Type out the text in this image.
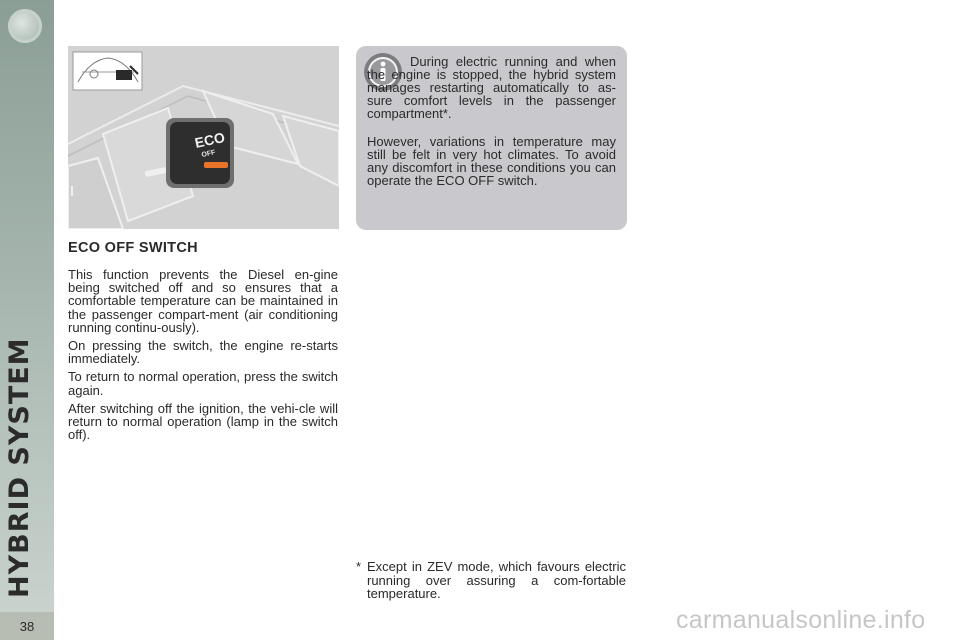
HYBRID SYSTEM
38
ECO
OFF

During electric running and when the engine is stopped, the hybrid system manages restarting automatically to as-sure comfort levels in the passenger compartment*.

However, variations in temperature may still be felt in very hot climates. To avoid any discomfort in these conditions you can operate the ECO OFF switch.

ECO OFF SWITCH

This function prevents the Diesel en-gine being switched off and so ensures that a comfortable temperature can be maintained in the passenger compart-ment (air conditioning running continu-ously).

On pressing the switch, the engine re-starts immediately.

To return to normal operation, press the switch again.

After switching off the ignition, the vehi-cle will return to normal operation (lamp in the switch off).

* Except in ZEV mode, which favours electric running over assuring a com-fortable temperature.
carmanualsonline.info
